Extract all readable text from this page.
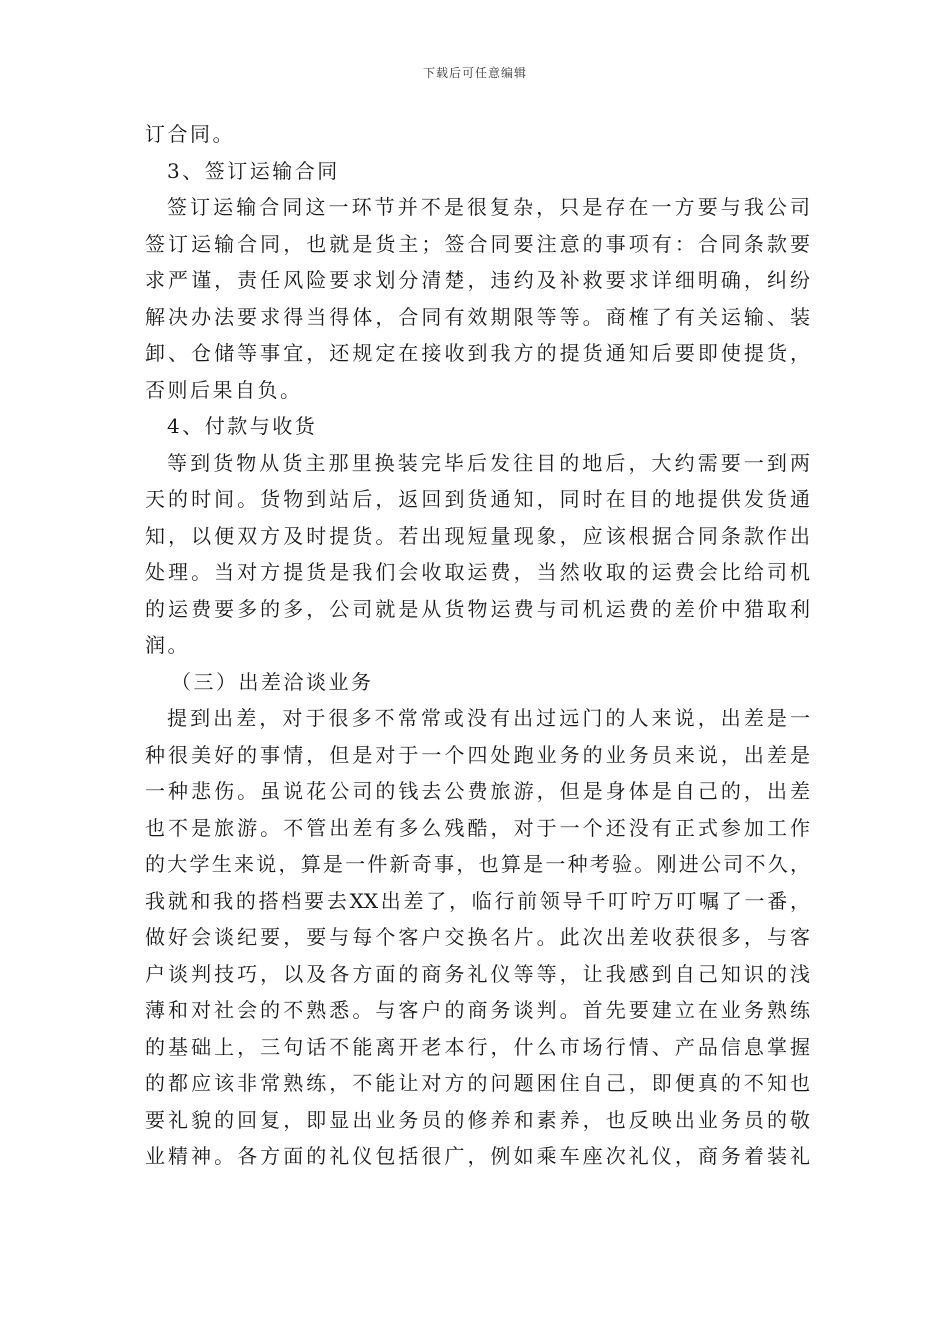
下载后可任意编辑
订合同。
3、签订运输合同
签订运输合同这一环节并不是很复杂，只是存在一方要与我公司
签订运输合同，也就是货主；签合同要注意的事项有：合同条款要
求严谨，责任风险要求划分清楚，违约及补救要求详细明确，纠纷
解决办法要求得当得体，合同有效期限等等。商榷了有关运输、装
卸、仓储等事宜，还规定在接收到我方的提货通知后要即使提货，
否则后果自负。
4、付款与收货
等到货物从货主那里换装完毕后发往目的地后，大约需要一到两
天的时间。货物到站后，返回到货通知，同时在目的地提供发货通
知，以便双方及时提货。若出现短量现象，应该根据合同条款作出
处理。当对方提货是我们会收取运费，当然收取的运费会比给司机
的运费要多的多，公司就是从货物运费与司机运费的差价中猎取利
润。
（三）出差洽谈业务
提到出差，对于很多不常常或没有出过远门的人来说，出差是一
种很美好的事情，但是对于一个四处跑业务的业务员来说，出差是
一种悲伤。虽说花公司的钱去公费旅游，但是身体是自己的，出差
也不是旅游。不管出差有多么残酷，对于一个还没有正式参加工作
的大学生来说，算是一件新奇事，也算是一种考验。刚进公司不久，
我就和我的搭档要去XX出差了，临行前领导千叮咛万叮嘱了一番，
做好会谈纪要，要与每个客户交换名片。此次出差收获很多，与客
户谈判技巧，以及各方面的商务礼仪等等，让我感到自己知识的浅
薄和对社会的不熟悉。与客户的商务谈判。首先要建立在业务熟练
的基础上，三句话不能离开老本行，什么市场行情、产品信息掌握
的都应该非常熟练，不能让对方的问题困住自己，即便真的不知也
要礼貌的回复，即显出业务员的修养和素养，也反映出业务员的敬
业精神。各方面的礼仪包括很广，例如乘车座次礼仪，商务着装礼
